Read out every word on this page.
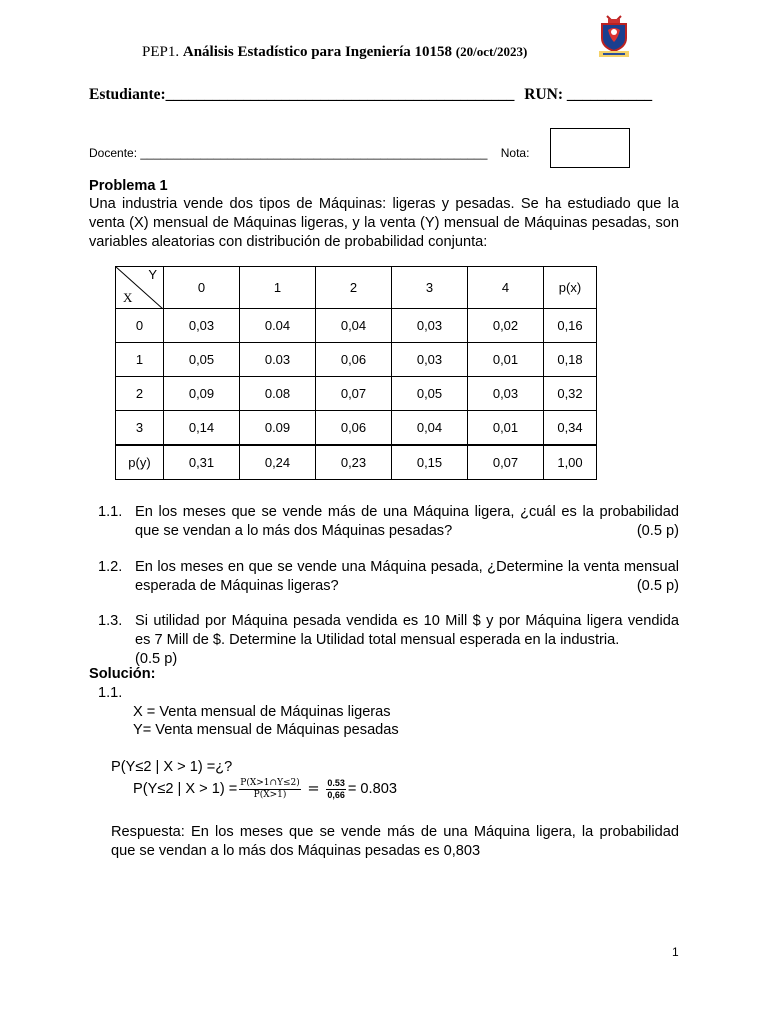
PEP1. Análisis Estadístico para Ingeniería 10158 (20/oct/2023)
Estudiante:_____________________________________________ RUN: ___________
Docente: ____________________________________________________ Nota:
Problema 1
Una industria vende dos tipos de Máquinas: ligeras y pesadas. Se ha estudiado que la venta (X) mensual de Máquinas ligeras, y la venta (Y) mensual de Máquinas pesadas, son variables aleatorias con distribución de probabilidad conjunta:
Y
X	0	1	2	3	4	p(x)
0	0,03	0.04	0,04	0,03	0,02	0,16
1	0,05	0.03	0,06	0,03	0,01	0,18
2	0,09	0.08	0,07	0,05	0,03	0,32
3	0,14	0.09	0,06	0,04	0,01	0,34
p(y)	0,31	0,24	0,23	0,15	0,07	1,00
1.1. En los meses que se vende más de una Máquina ligera, ¿cuál es la probabilidad que se vendan a lo más dos Máquinas pesadas?	(0.5 p)
1.2. En los meses en que se vende una Máquina pesada, ¿Determine la venta mensual esperada de Máquinas ligeras?	(0.5 p)
1.3. Si utilidad por Máquina pesada vendida es 10 Mill $ y por Máquina ligera vendida es 7 Mill de $. Determine la Utilidad total mensual esperada en la industria.
(0.5 p)
Solución:
1.1.
X = Venta mensual de Máquinas ligeras
Y= Venta mensual de Máquinas pesadas
P(Y≤2 | X > 1) =¿?
P(Y≤2 | $X > 1) = \frac{P(X>1\cap Y\le 2)}{P(X>1)} = \frac{0.53}{0,66} = 0.803$
Respuesta: En los meses que se vende más de una Máquina ligera, la probabilidad que se vendan a lo más dos Máquinas pesadas es 0,803
1
